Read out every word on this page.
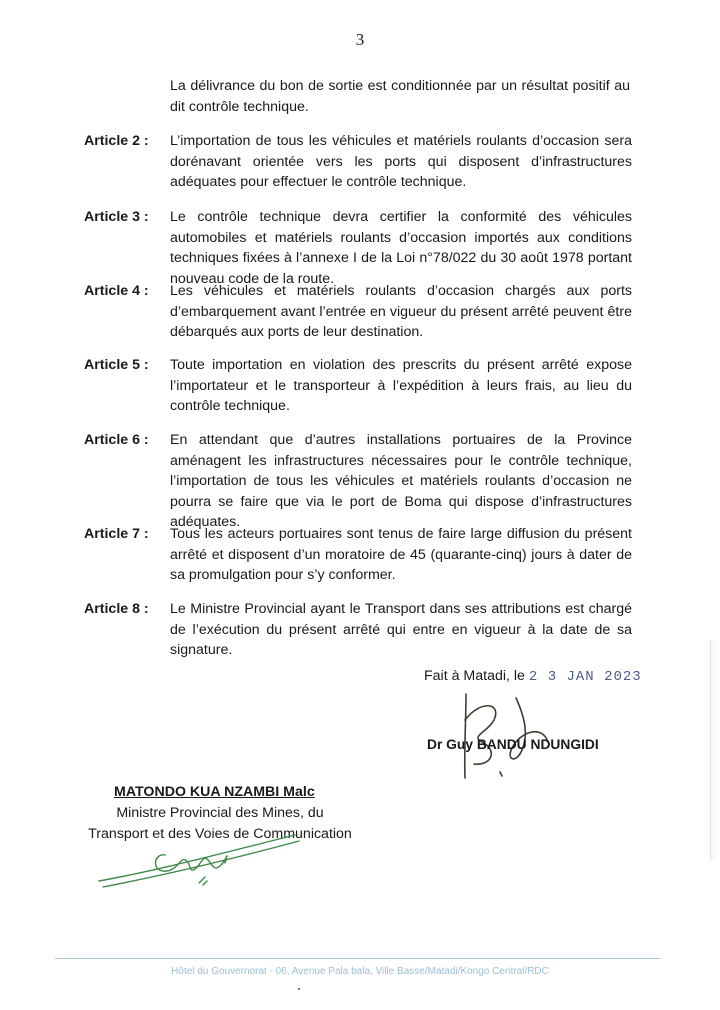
3
La délivrance du bon de sortie est conditionnée par un résultat positif au dit contrôle technique.
Article 2 : L’importation de tous les véhicules et matériels roulants d’occasion sera dorénavant orientée vers les ports qui disposent d’infrastructures adéquates pour effectuer le contrôle technique.
Article 3 : Le contrôle technique devra certifier la conformité des véhicules automobiles et matériels roulants d’occasion importés aux conditions techniques fixées à l’annexe I de la Loi n°78/022 du 30 août 1978 portant nouveau code de la route.
Article 4 : Les véhicules et matériels roulants d’occasion chargés aux ports d’embarquement avant l’entrée en vigueur du présent arrêté peuvent être débarqués aux ports de leur destination.
Article 5 : Toute importation en violation des prescrits du présent arrêté expose l’importateur et le transporteur à l’expédition à leurs frais, au lieu du contrôle technique.
Article 6 : En attendant que d’autres installations portuaires de la Province aménagent les infrastructures nécessaires pour le contrôle technique, l’importation de tous les véhicules et matériels roulants d’occasion ne pourra se faire que via le port de Boma qui dispose d’infrastructures adéquates.
Article 7 : Tous les acteurs portuaires sont tenus de faire large diffusion du présent arrêté et disposent d’un moratoire de 45 (quarante-cinq) jours à dater de sa promulgation pour s’y conformer.
Article 8 : Le Ministre Provincial ayant le Transport dans ses attributions est chargé de l’exécution du présent arrêté qui entre en vigueur à la date de sa signature.
Fait à Matadi, le 2 3 JAN 2023
Dr Guy BANDU NDUNGIDI
MATONDO KUA NZAMBI Malc
Ministre Provincial des Mines, du
Transport et des Voies de Communication
Hôtel du Gouvernorat - 06, Avenue Pala bala, Ville Basse/Matadi/Kongo Central/RDC
